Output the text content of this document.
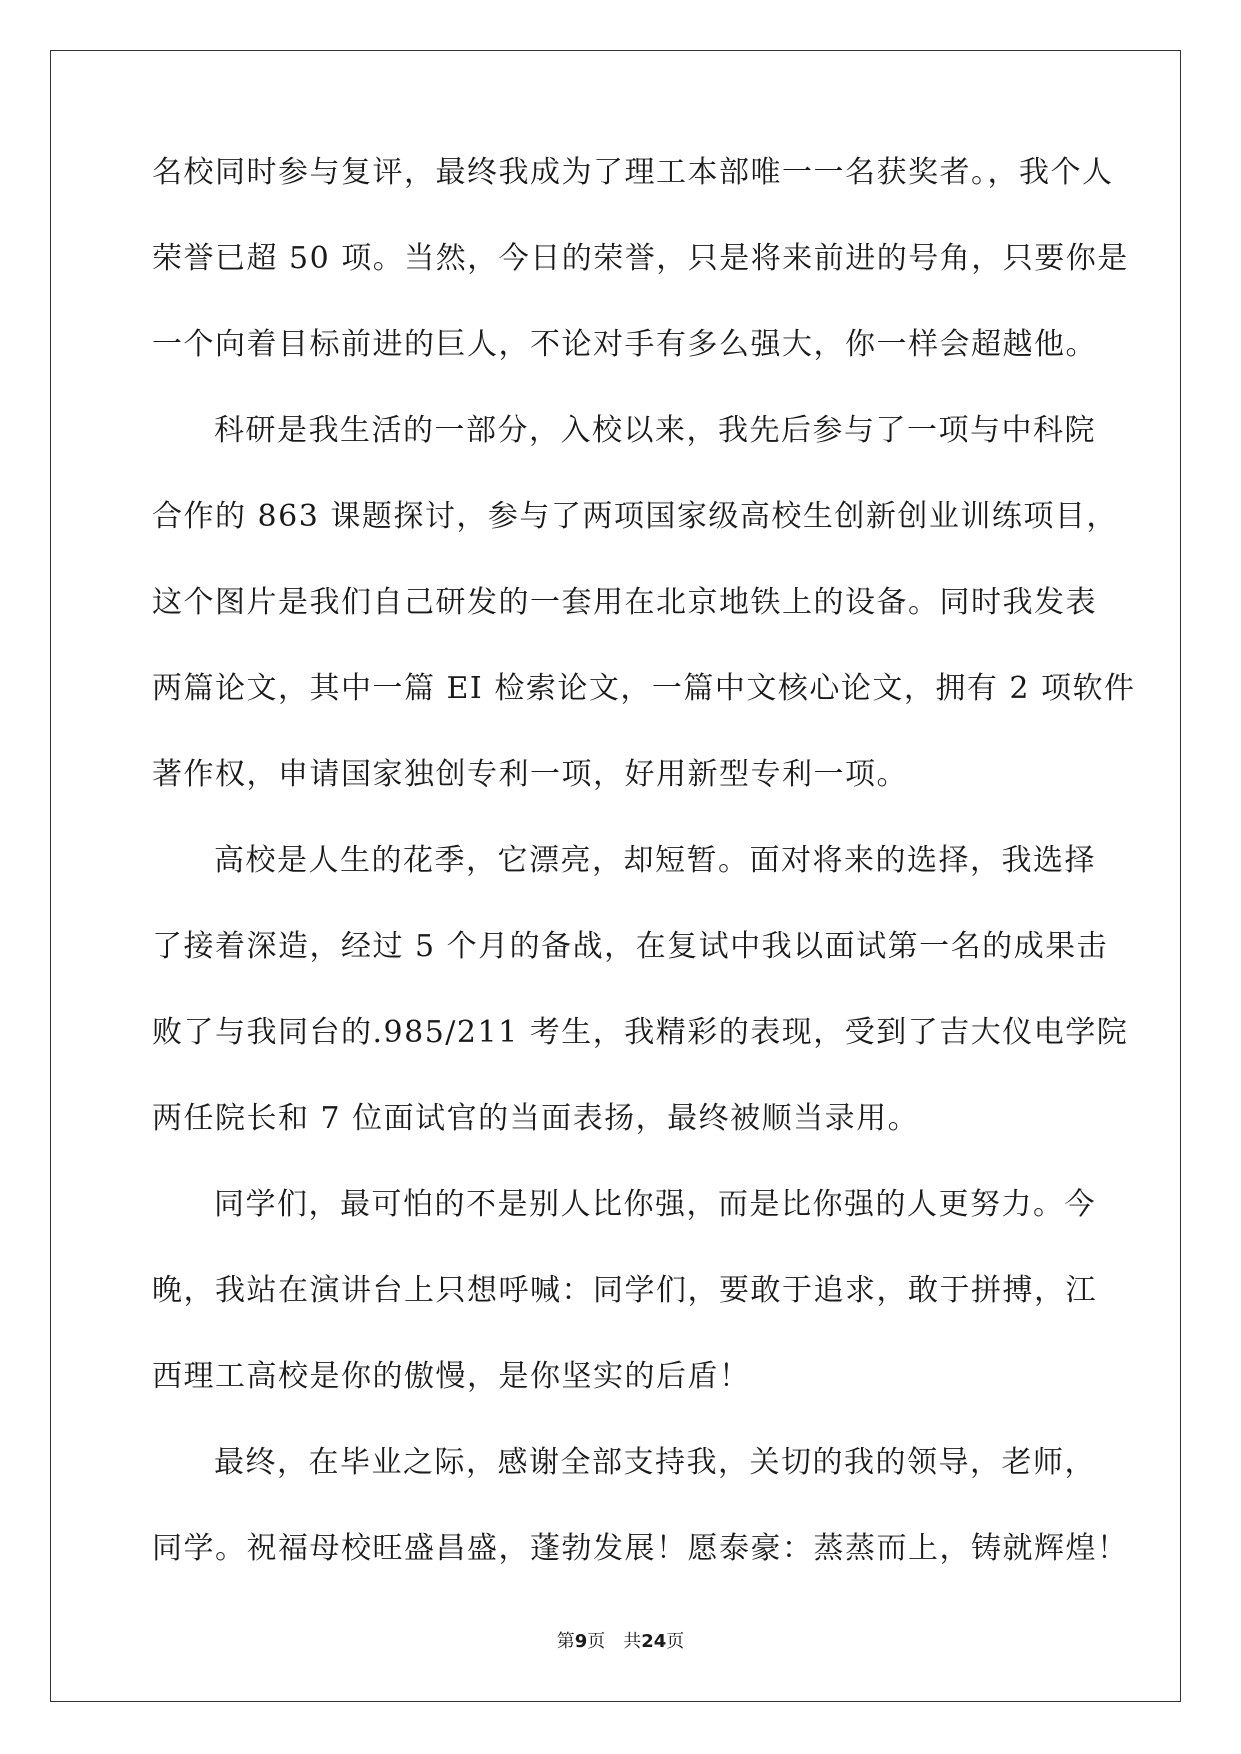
名校同时参与复评，最终我成为了理工本部唯一一名获奖者。，我个人
荣誉已超 50 项。当然，今日的荣誉，只是将来前进的号角，只要你是
一个向着目标前进的巨人，不论对手有多么强大，你一样会超越他。
科研是我生活的一部分，入校以来，我先后参与了一项与中科院
合作的 863 课题探讨，参与了两项国家级高校生创新创业训练项目，
这个图片是我们自己研发的一套用在北京地铁上的设备。同时我发表
两篇论文，其中一篇 EI 检索论文，一篇中文核心论文，拥有 2 项软件
著作权，申请国家独创专利一项，好用新型专利一项。
高校是人生的花季，它漂亮，却短暂。面对将来的选择，我选择
了接着深造，经过 5 个月的备战，在复试中我以面试第一名的成果击
败了与我同台的.985/211 考生，我精彩的表现，受到了吉大仪电学院
两任院长和 7 位面试官的当面表扬，最终被顺当录用。
同学们，最可怕的不是别人比你强，而是比你强的人更努力。今
晚，我站在演讲台上只想呼喊：同学们，要敢于追求，敢于拼搏，江
西理工高校是你的傲慢，是你坚实的后盾！
最终，在毕业之际，感谢全部支持我，关切的我的领导，老师，
同学。祝福母校旺盛昌盛，蓬勃发展！愿泰豪：蒸蒸而上，铸就辉煌！
第9页 共24页
